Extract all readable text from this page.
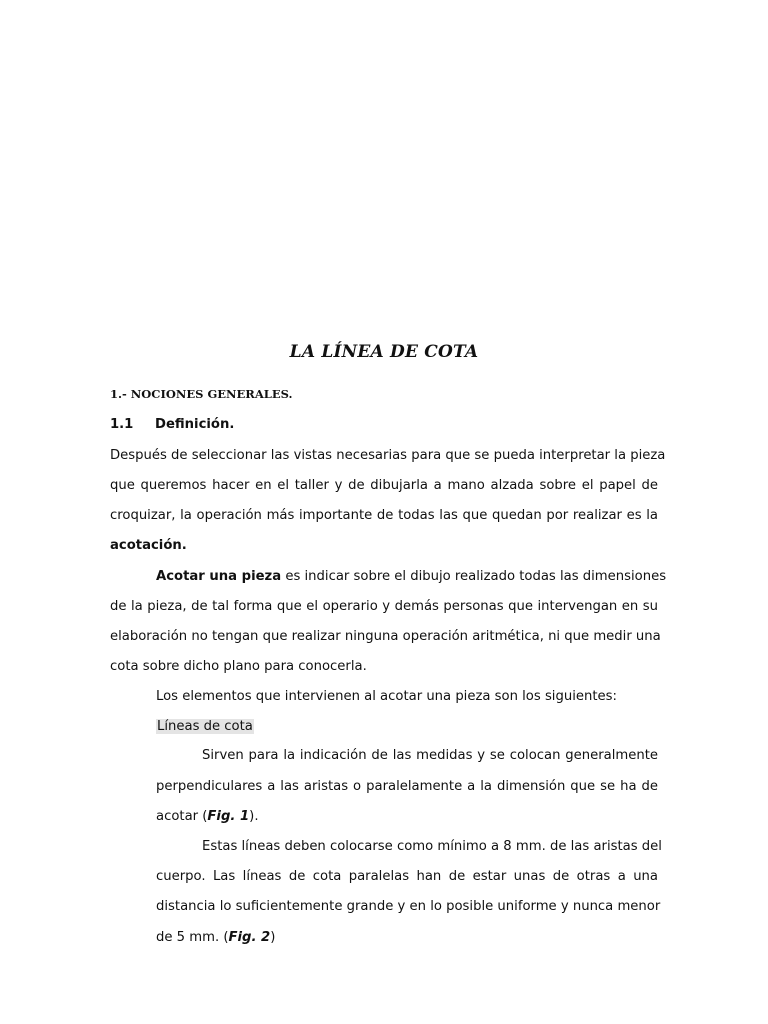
LA LÍNEA DE COTA
1.- NOCIONES GENERALES.
1.1 Definición.
Después de seleccionar las vistas necesarias para que se pueda interpretar la pieza
que queremos hacer en el taller y de dibujarla a mano alzada sobre el papel de
croquizar, la operación más importante de todas las que quedan por realizar es la
acotación.
Acotar una pieza es indicar sobre el dibujo realizado todas las dimensiones
de la pieza, de tal forma que el operario y demás personas que intervengan en su
elaboración no tengan que realizar ninguna operación aritmética, ni que medir una
cota sobre dicho plano para conocerla.
Los elementos que intervienen al acotar una pieza son los siguientes:
Líneas de cota
Sirven para la indicación de las medidas y se colocan generalmente
perpendiculares a las aristas o paralelamente a la dimensión que se ha de
acotar (Fig. 1).
Estas líneas deben colocarse como mínimo a 8 mm. de las aristas del
cuerpo. Las líneas de cota paralelas han de estar unas de otras a una
distancia lo suficientemente grande y en lo posible uniforme y nunca menor
de 5 mm. (Fig. 2)
